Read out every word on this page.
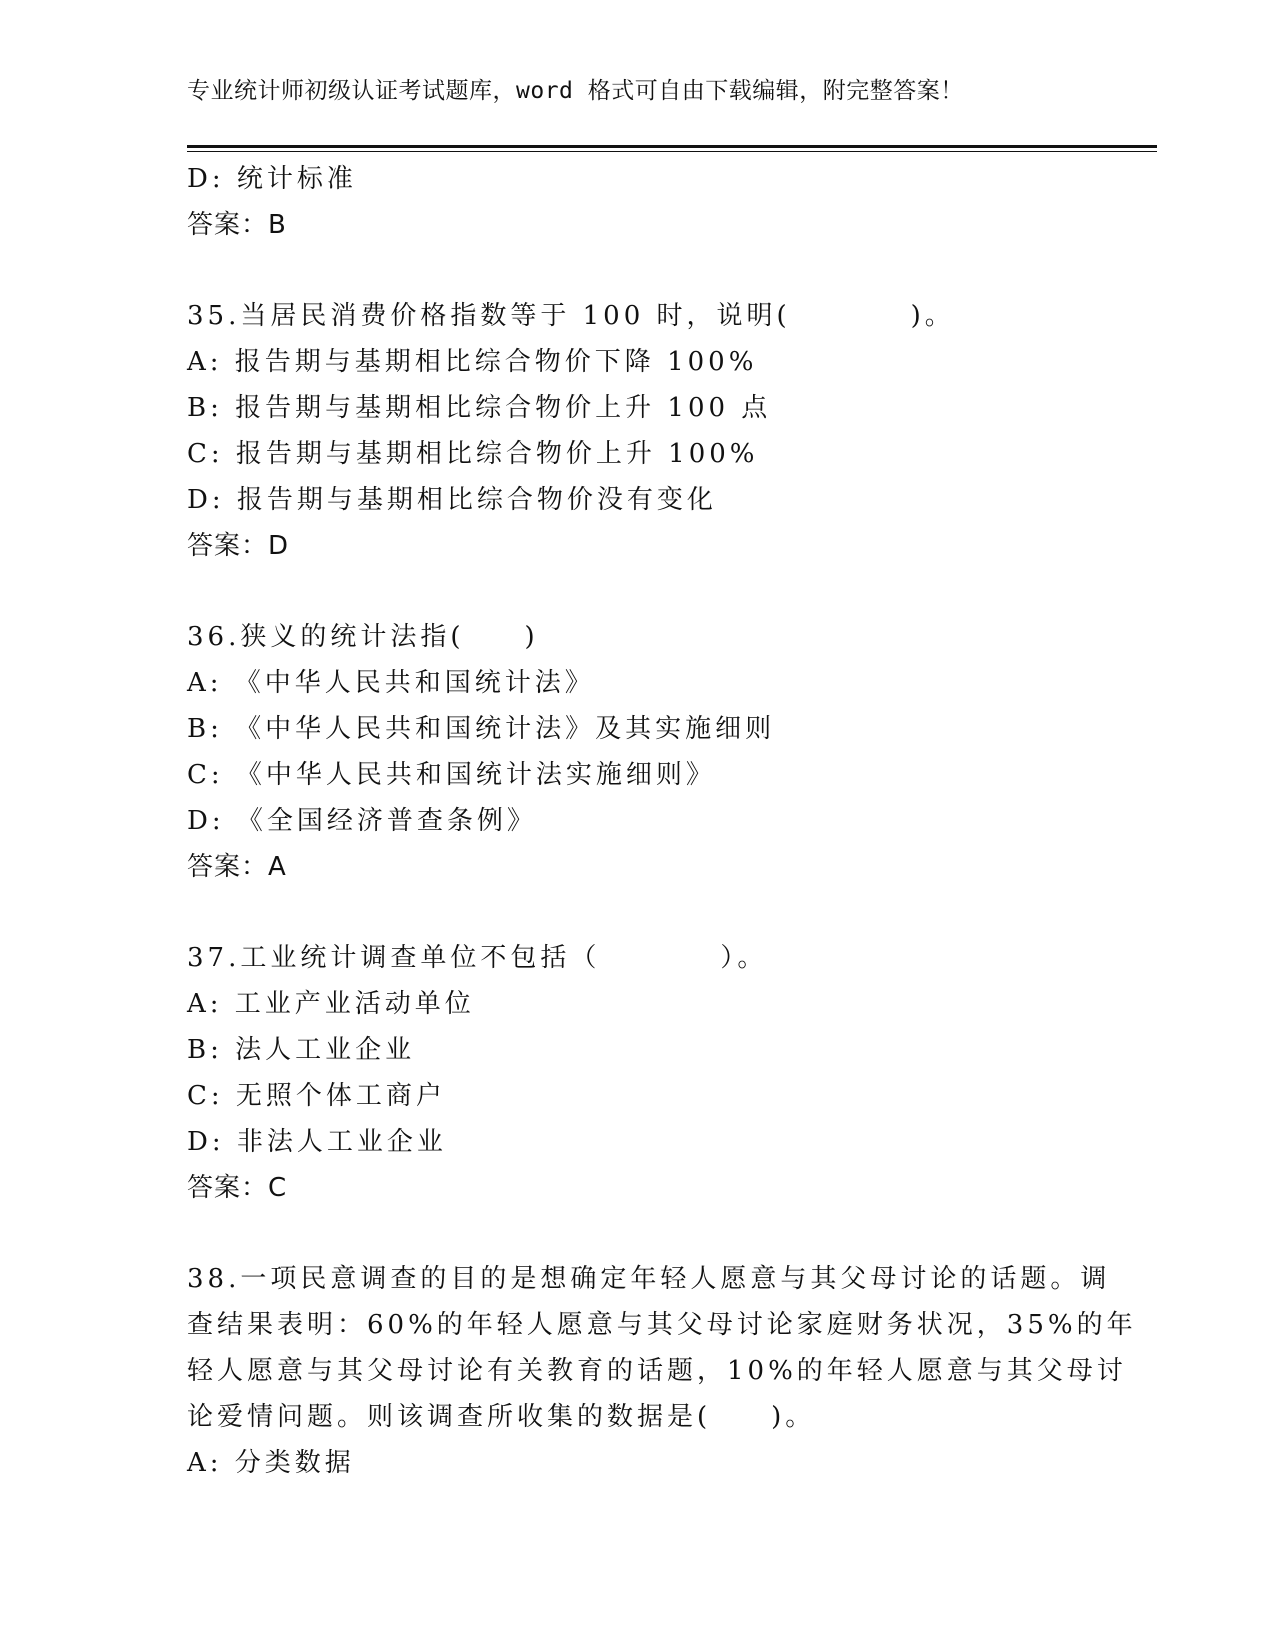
专业统计师初级认证考试题库，word 格式可自由下载编辑，附完整答案！
D: 统计标准
答案：B
35.当居民消费价格指数等于 100 时，说明(　　　　)。
A: 报告期与基期相比综合物价下降 100%
B: 报告期与基期相比综合物价上升 100 点
C: 报告期与基期相比综合物价上升 100%
D: 报告期与基期相比综合物价没有变化
答案：D
36.狭义的统计法指(　　)
A: 《中华人民共和国统计法》
B: 《中华人民共和国统计法》及其实施细则
C: 《中华人民共和国统计法实施细则》
D: 《全国经济普查条例》
答案：A
37.工业统计调查单位不包括（　　　　）。
A: 工业产业活动单位
B: 法人工业企业
C: 无照个体工商户
D: 非法人工业企业
答案：C
38.一项民意调查的目的是想确定年轻人愿意与其父母讨论的话题。调
查结果表明：60%的年轻人愿意与其父母讨论家庭财务状况，35%的年
轻人愿意与其父母讨论有关教育的话题，10%的年轻人愿意与其父母讨
论爱情问题。则该调查所收集的数据是(　　)。
A: 分类数据
